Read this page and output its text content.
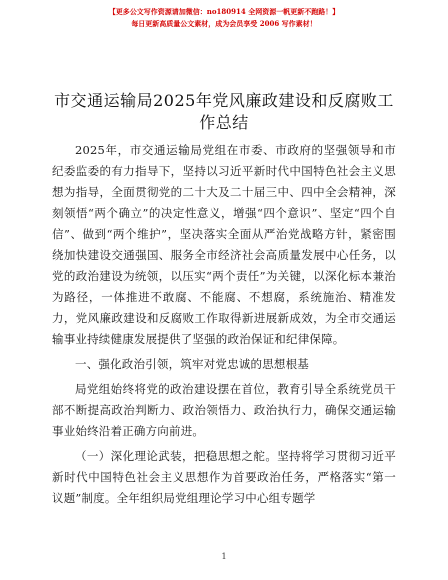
【更多公文写作资源请加微信：no180914 全网资源一帆更新不跑路！】
每日更新高质量公文素材，成为会员享受 2006 写作素材！
市交通运输局2025年党风廉政建设和反腐败工作总结

2025年，市交通运输局党组在市委、市政府的坚强领导和市纪委监委的有力指导下，坚持以习近平新时代中国特色社会主义思想为指导，全面贯彻党的二十大及二十届三中、四中全会精神，深刻领悟“两个确立”的决定性意义，增强“四个意识”、坚定“四个自信”、做到“两个维护”，坚决落实全面从严治党战略方针，紧密围绕加快建设交通强国、服务全市经济社会高质量发展中心任务，以党的政治建设为统领，以压实“两个责任”为关键，以深化标本兼治为路径，一体推进不敢腐、不能腐、不想腐，系统施治、精准发力，党风廉政建设和反腐败工作取得新进展新成效，为全市交通运输事业持续健康发展提供了坚强的政治保证和纪律保障。

一、强化政治引领，筑牢对党忠诚的思想根基

局党组始终将党的政治建设摆在首位，教育引导全系统党员干部不断提高政治判断力、政治领悟力、政治执行力，确保交通运输事业始终沿着正确方向前进。

（一）深化理论武装，把稳思想之舵。坚持将学习贯彻习近平新时代中国特色社会主义思想作为首要政治任务，严格落实“第一议题”制度。全年组织局党组理论学习中心组专题学

1
